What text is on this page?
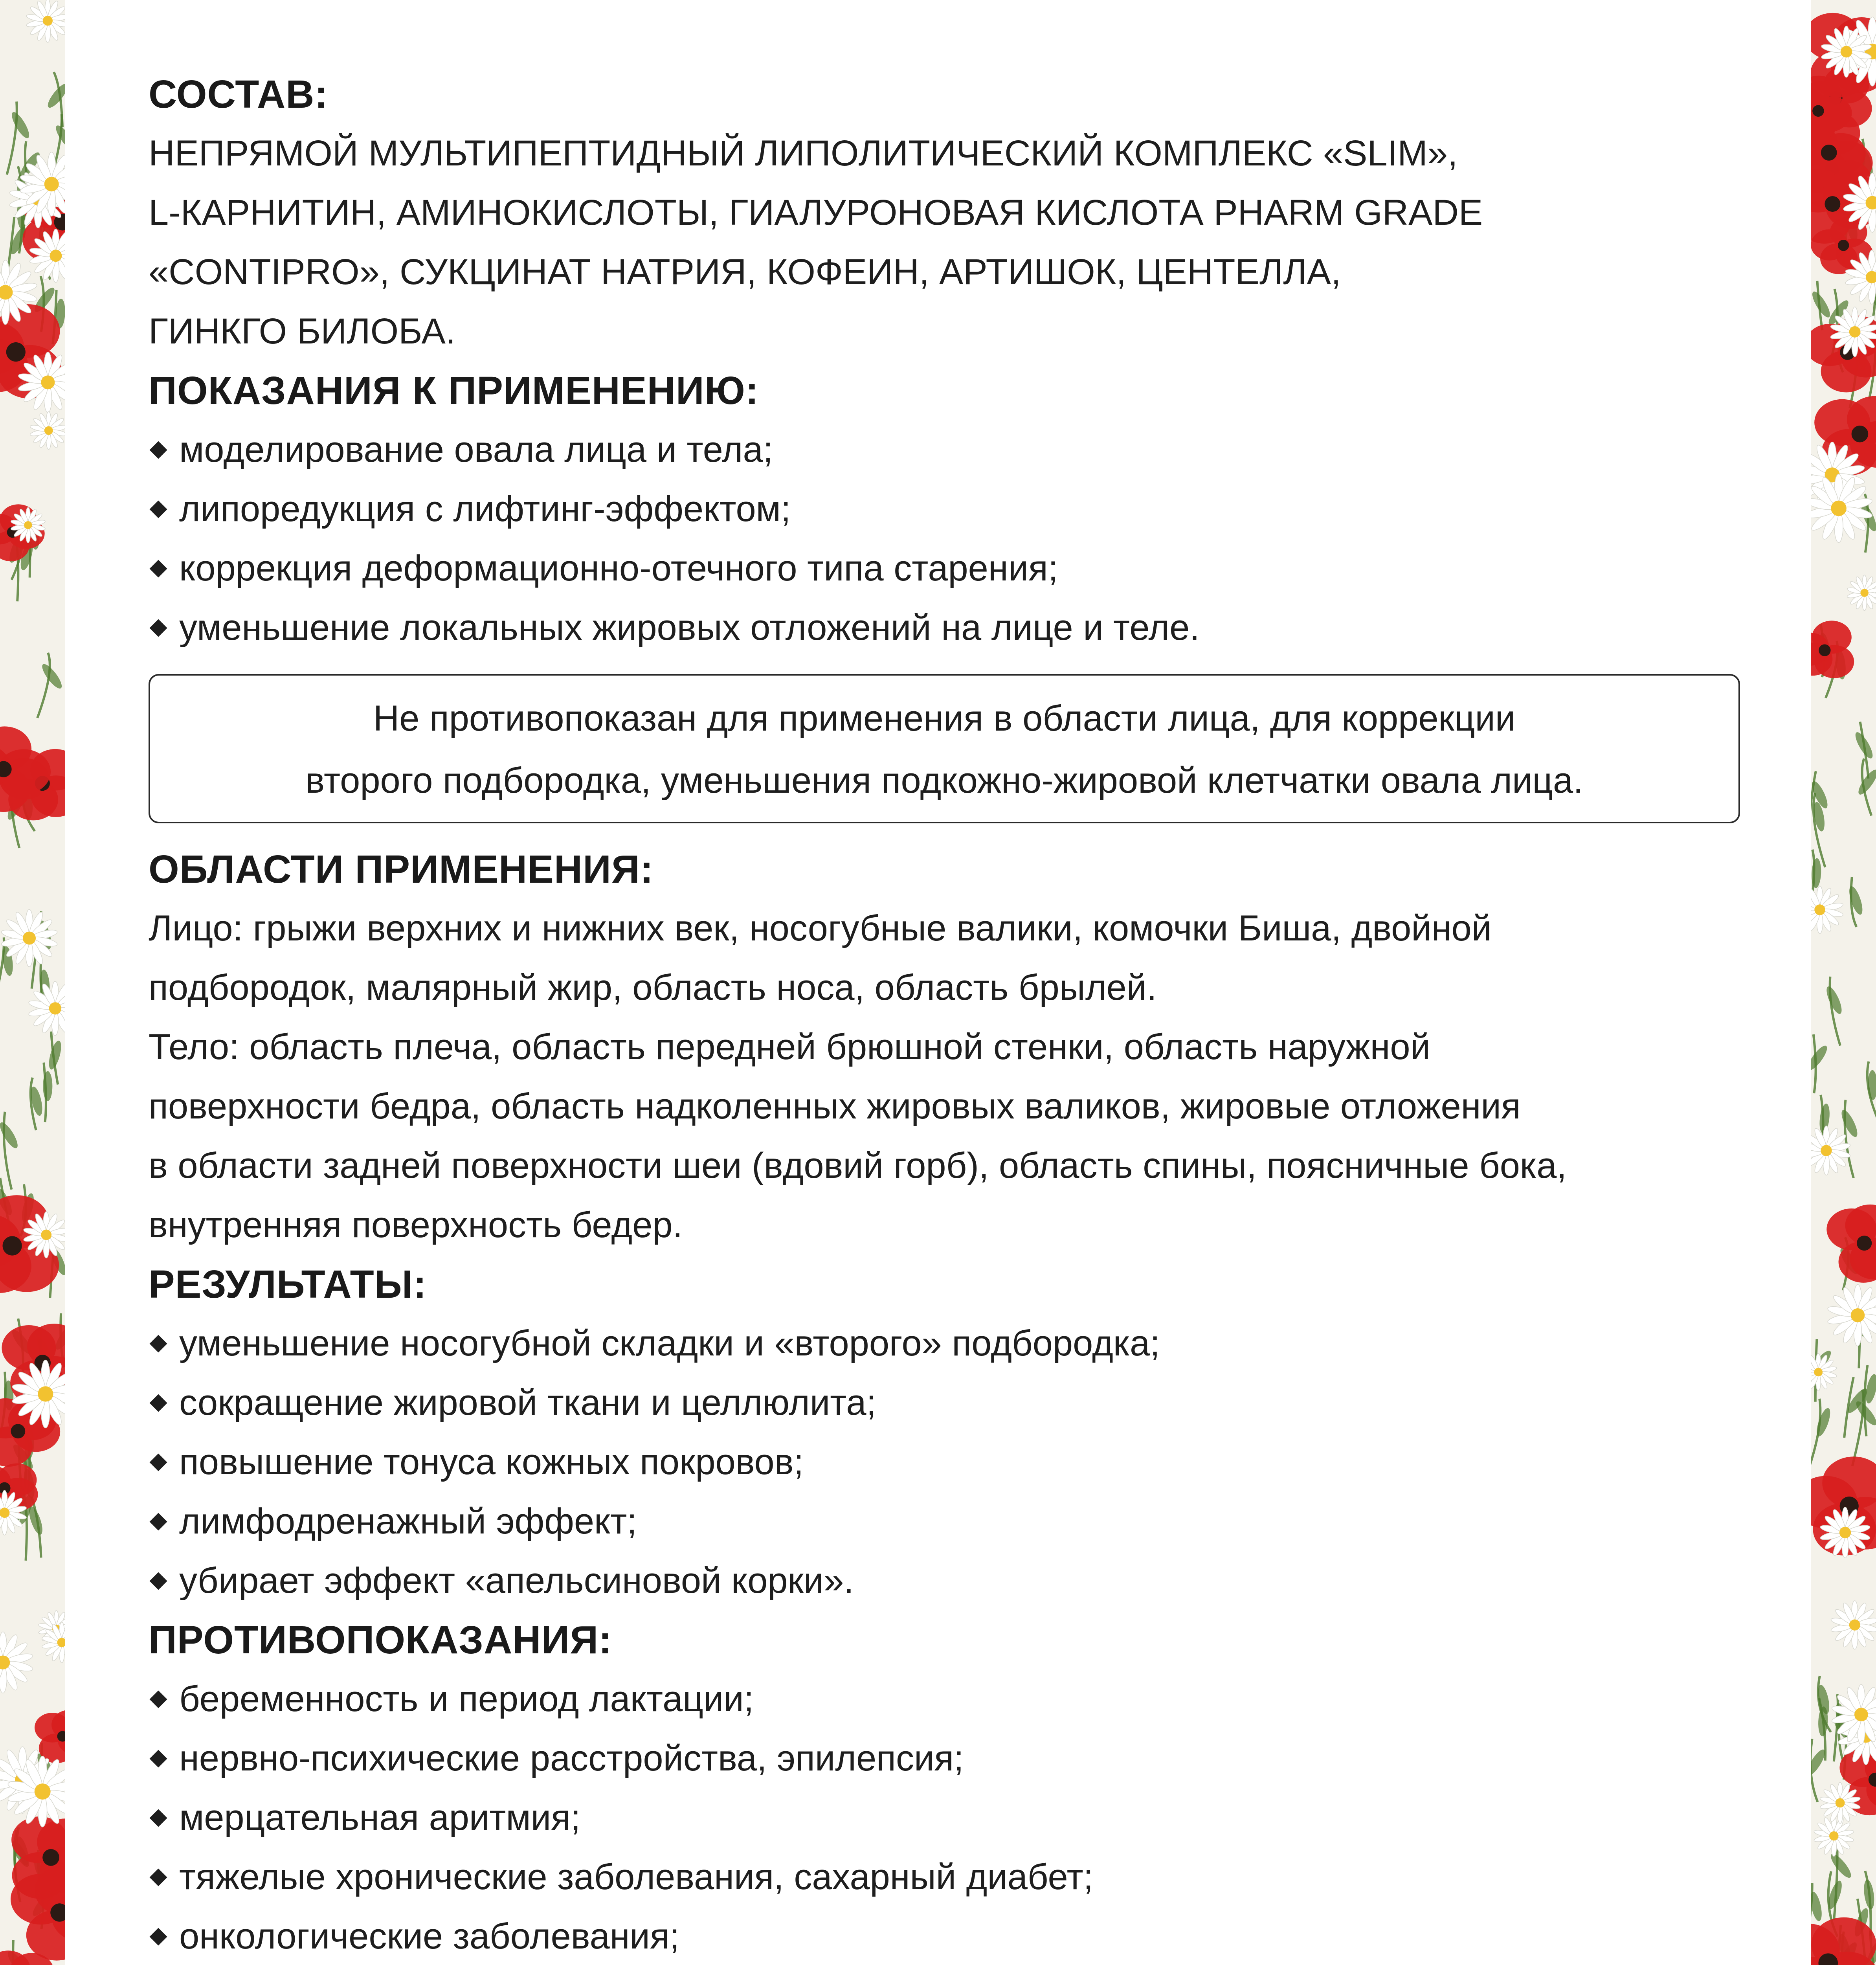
СОСТАВ:
НЕПРЯМОЙ МУЛЬТИПЕПТИДНЫЙ ЛИПОЛИТИЧЕСКИЙ КОМПЛЕКС «SLIM»,
L-КАРНИТИН, АМИНОКИСЛОТЫ, ГИАЛУРОНОВАЯ КИСЛОТА PHARM GRADE
«CONTIPRO», СУКЦИНАТ НАТРИЯ, КОФЕИН, АРТИШОК, ЦЕНТЕЛЛА,
ГИНКГО БИЛОБА.
ПОКАЗАНИЯ К ПРИМЕНЕНИЮ:
моделирование овала лица и тела;
липоредукция с лифтинг-эффектом;
коррекция деформационно-отечного типа старения;
уменьшение локальных жировых отложений на лице и теле.
Не противопоказан для применения в области лица, для коррекции
второго подбородка, уменьшения подкожно-жировой клетчатки овала лица.
ОБЛАСТИ ПРИМЕНЕНИЯ:
Лицо: грыжи верхних и нижних век, носогубные валики, комочки Биша, двойной
подбородок, малярный жир, область носа, область брылей.
Тело: область плеча, область передней брюшной стенки, область наружной
поверхности бедра, область надколенных жировых валиков, жировые отложения
в области задней поверхности шеи (вдовий горб), область спины, поясничные бока,
внутренняя поверхность бедер.
РЕЗУЛЬТАТЫ:
уменьшение носогубной складки и «второго» подбородка;
сокращение жировой ткани и целлюлита;
повышение тонуса кожных покровов;
лимфодренажный эффект;
убирает эффект «апельсиновой корки».
ПРОТИВОПОКАЗАНИЯ:
беременность и период лактации;
нервно-психические расстройства, эпилепсия;
мерцательная аритмия;
тяжелые хронические заболевания, сахарный диабет;
онкологические заболевания;
